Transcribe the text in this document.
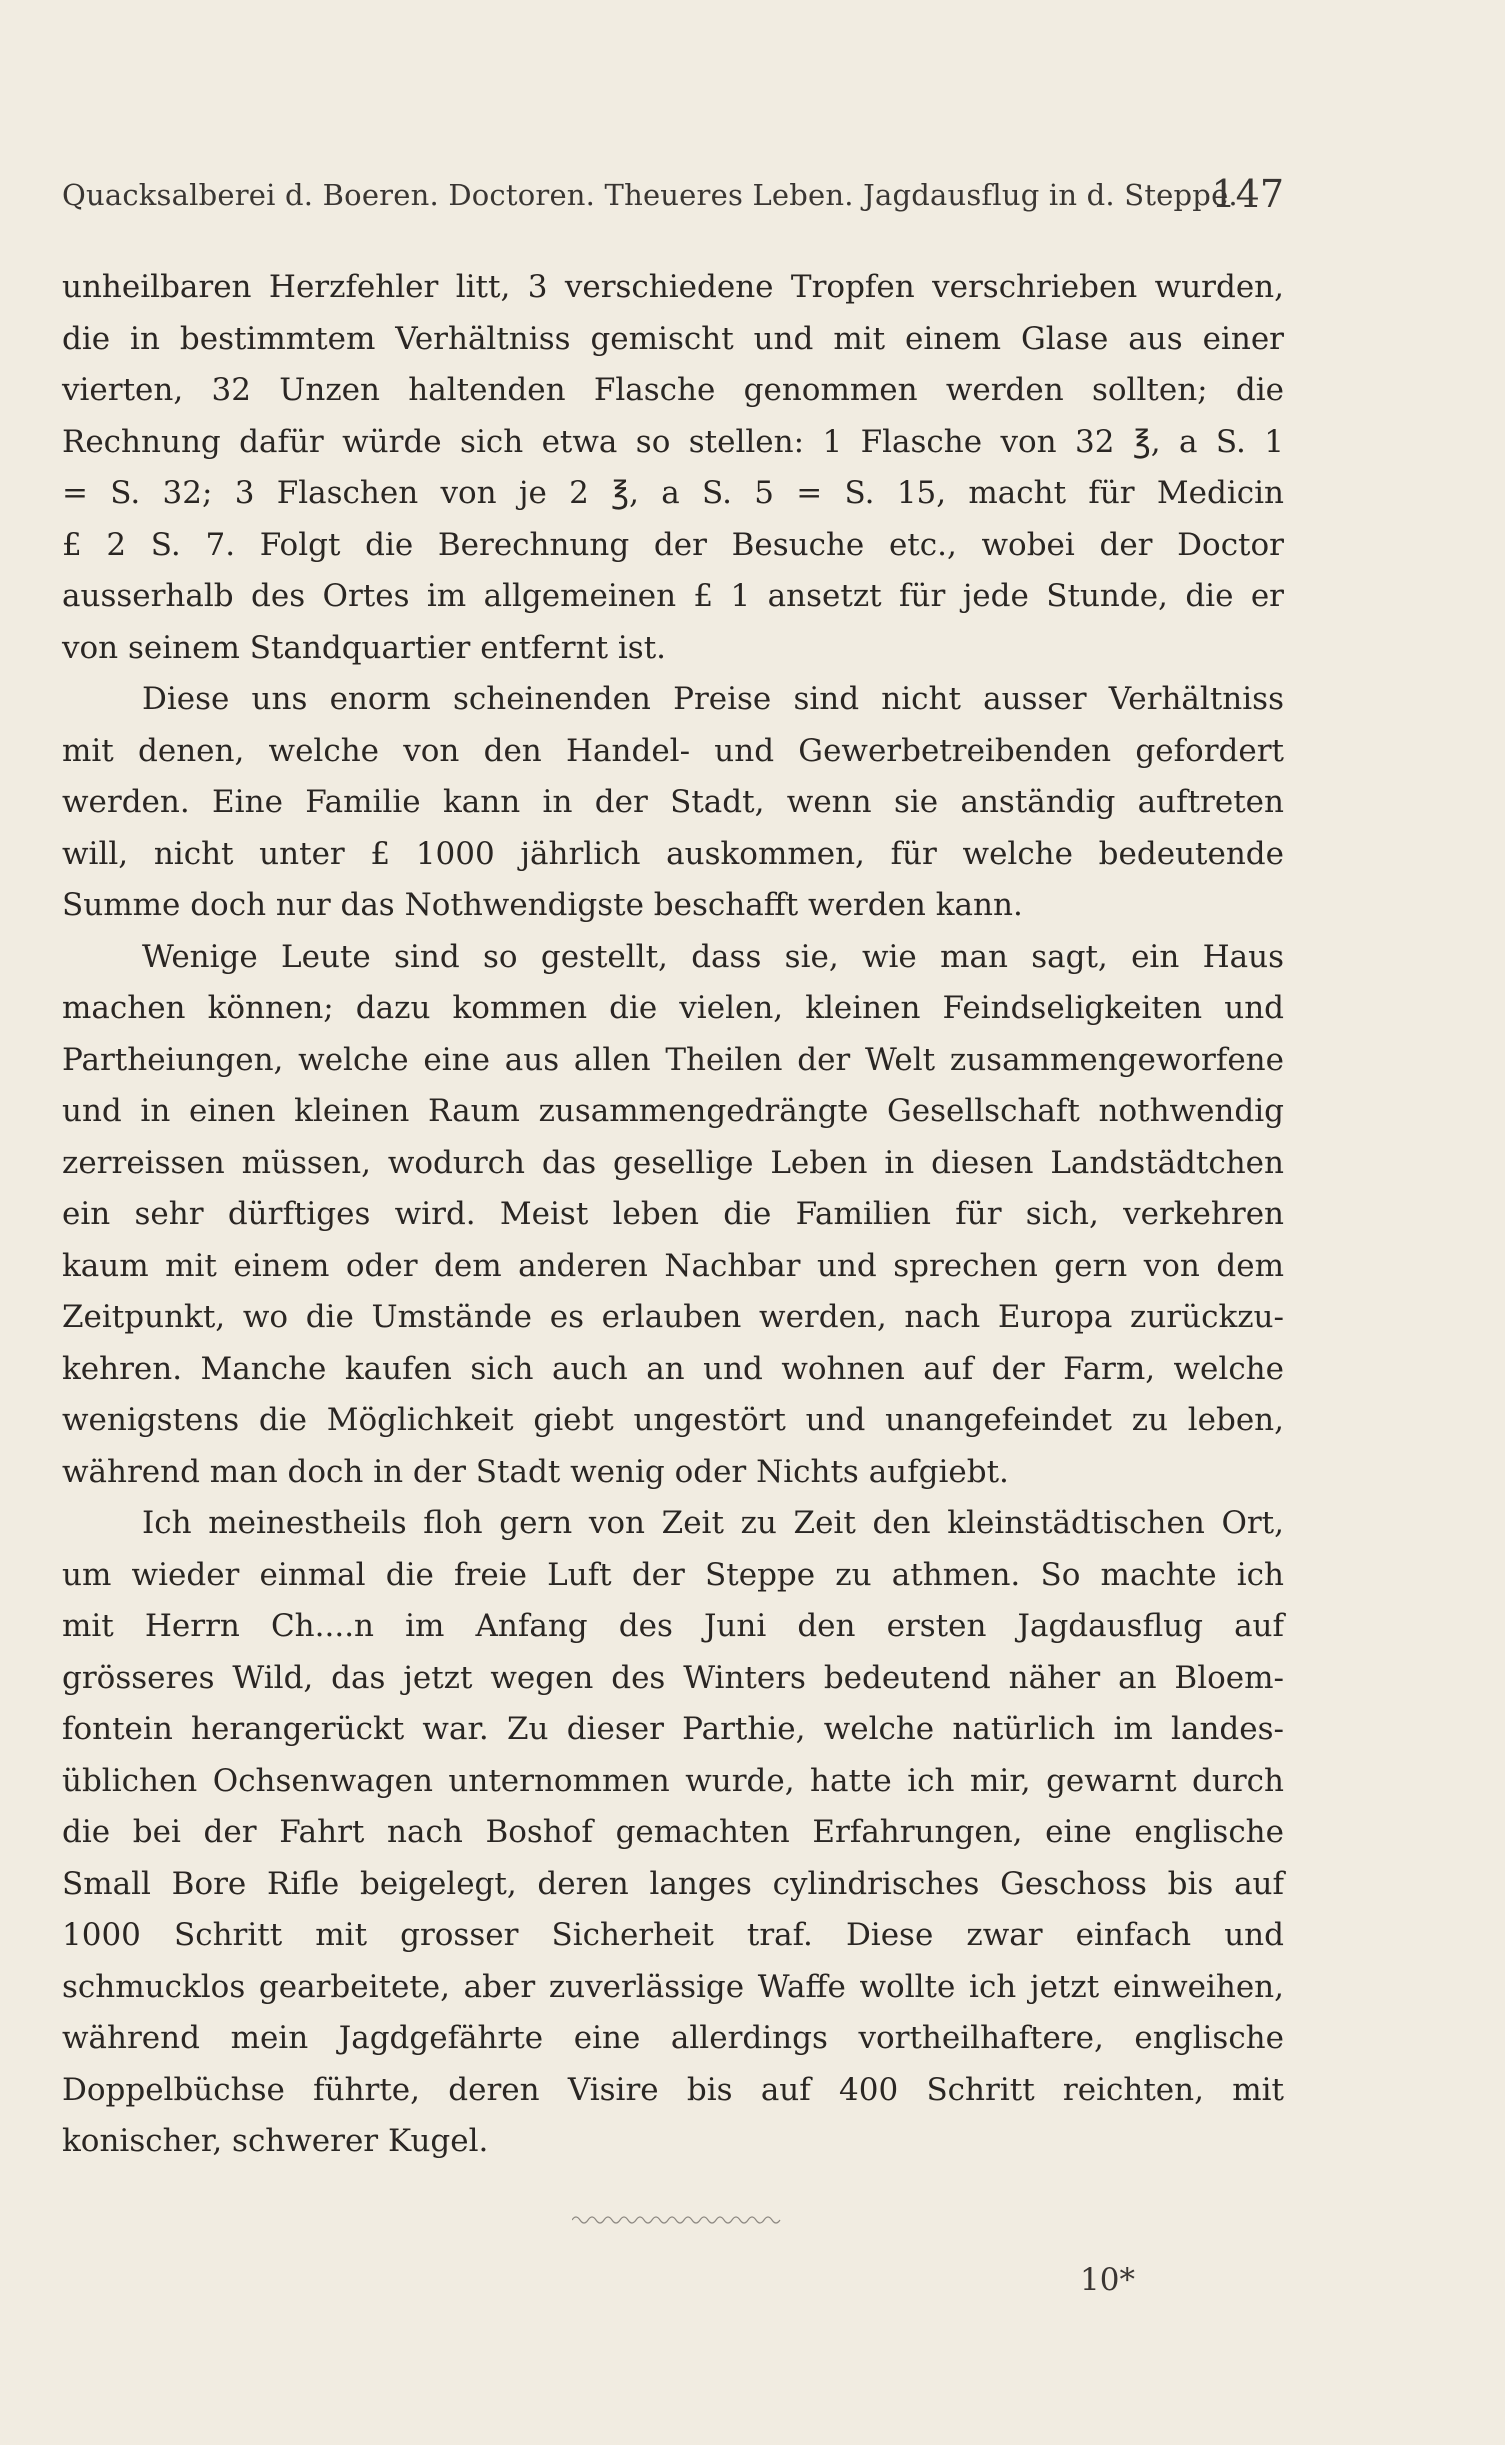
Quacksalberei d. Boeren. Doctoren. Theueres Leben. Jagdausflug in d. Steppe.
147
unheilbaren Herzfehler litt, 3 verschiedene Tropfen verschrieben wurden,
die in bestimmtem Verhältniss gemischt und mit einem Glase aus einer
vierten, 32 Unzen haltenden Flasche genommen werden sollten; die
Rechnung dafür würde sich etwa so stellen: 1 Flasche von 32 ℥, a S. 1
= S. 32; 3 Flaschen von je 2 ℥, a S. 5 = S. 15, macht für Medicin
£ 2 S. 7. Folgt die Berechnung der Besuche etc., wobei der Doctor
ausserhalb des Ortes im allgemeinen £ 1 ansetzt für jede Stunde, die er
von seinem Standquartier entfernt ist.
Diese uns enorm scheinenden Preise sind nicht ausser Verhältniss
mit denen, welche von den Handel- und Gewerbetreibenden gefordert
werden. Eine Familie kann in der Stadt, wenn sie anständig auftreten
will, nicht unter £ 1000 jährlich auskommen, für welche bedeutende
Summe doch nur das Nothwendigste beschafft werden kann.
Wenige Leute sind so gestellt, dass sie, wie man sagt, ein Haus
machen können; dazu kommen die vielen, kleinen Feindseligkeiten und
Partheiungen, welche eine aus allen Theilen der Welt zusammengeworfene
und in einen kleinen Raum zusammengedrängte Gesellschaft nothwendig
zerreissen müssen, wodurch das gesellige Leben in diesen Landstädtchen
ein sehr dürftiges wird. Meist leben die Familien für sich, verkehren
kaum mit einem oder dem anderen Nachbar und sprechen gern von dem
Zeitpunkt, wo die Umstände es erlauben werden, nach Europa zurückzu-
kehren. Manche kaufen sich auch an und wohnen auf der Farm, welche
wenigstens die Möglichkeit giebt ungestört und unangefeindet zu leben,
während man doch in der Stadt wenig oder Nichts aufgiebt.
Ich meinestheils floh gern von Zeit zu Zeit den kleinstädtischen Ort,
um wieder einmal die freie Luft der Steppe zu athmen. So machte ich
mit Herrn Ch....n im Anfang des Juni den ersten Jagdausflug auf
grösseres Wild, das jetzt wegen des Winters bedeutend näher an Bloem-
fontein herangerückt war. Zu dieser Parthie, welche natürlich im landes-
üblichen Ochsenwagen unternommen wurde, hatte ich mir, gewarnt durch
die bei der Fahrt nach Boshof gemachten Erfahrungen, eine englische
Small Bore Rifle beigelegt, deren langes cylindrisches Geschoss bis auf
1000 Schritt mit grosser Sicherheit traf. Diese zwar einfach und
schmucklos gearbeitete, aber zuverlässige Waffe wollte ich jetzt einweihen,
während mein Jagdgefährte eine allerdings vortheilhaftere, englische
Doppelbüchse führte, deren Visire bis auf 400 Schritt reichten, mit
konischer, schwerer Kugel.
10*
